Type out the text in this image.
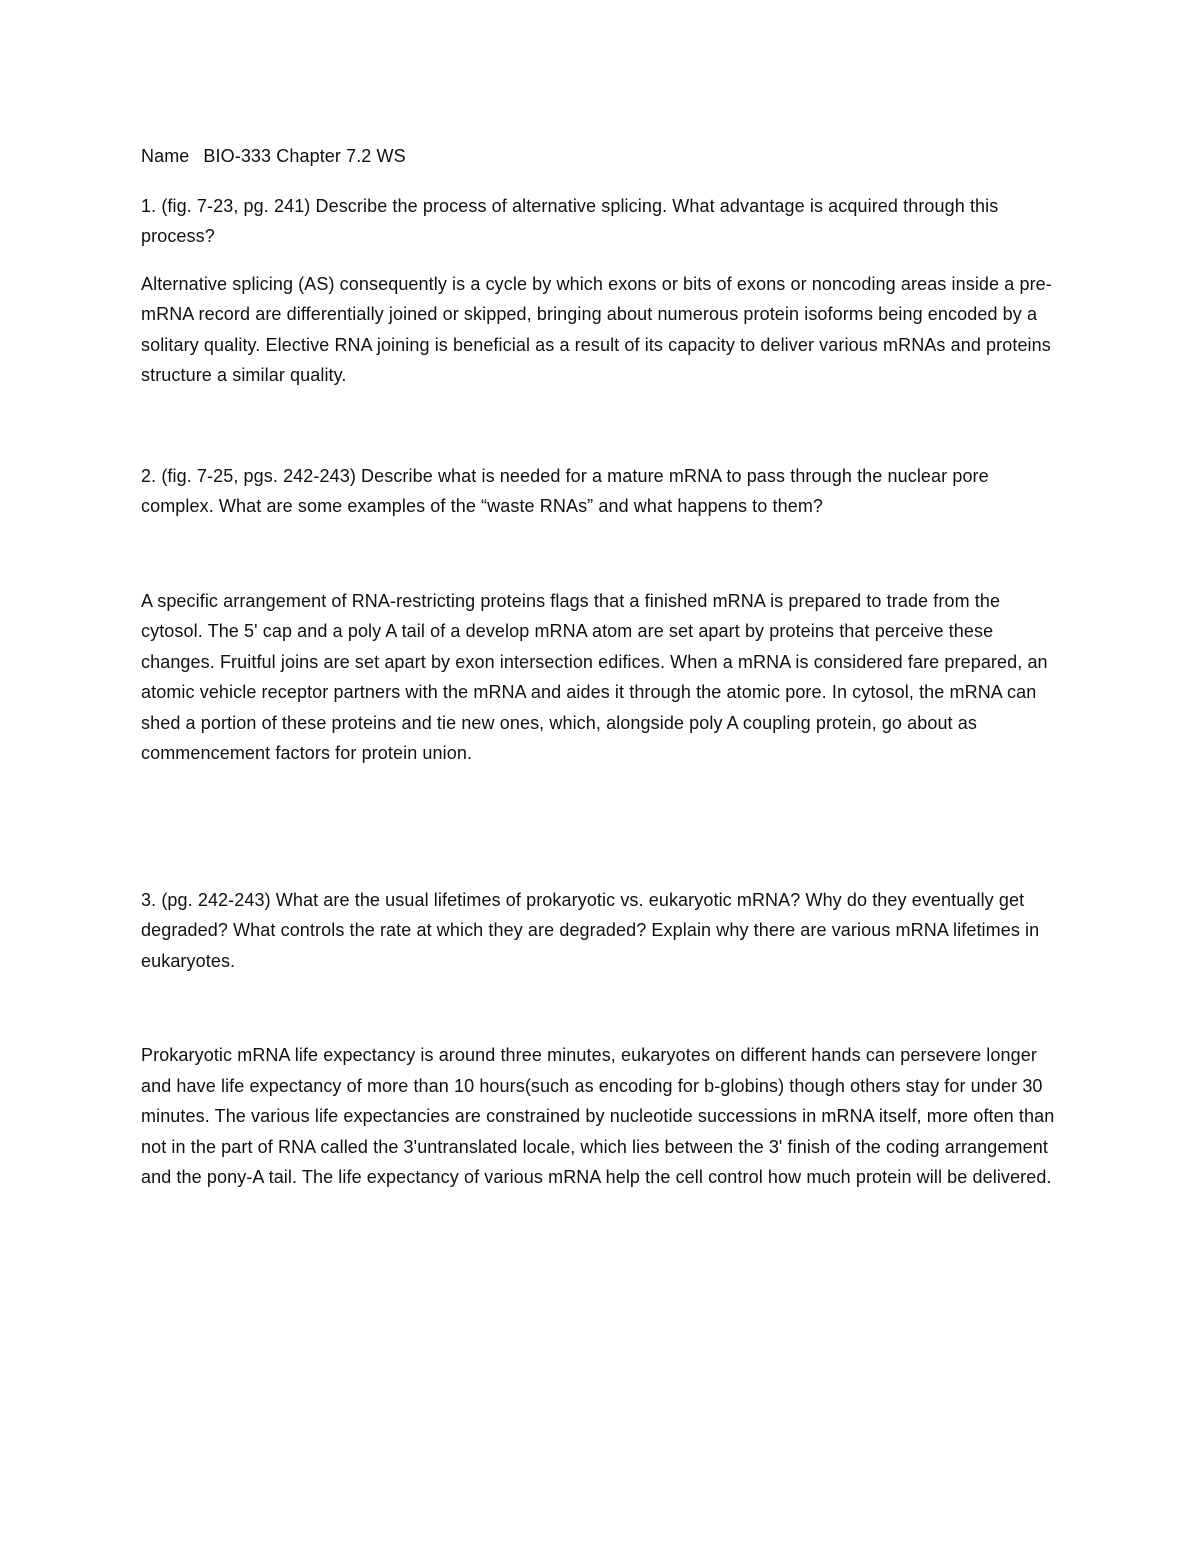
Name BIO-333 Chapter 7.2 WS

1. (fig. 7-23, pg. 241) Describe the process of alternative splicing. What advantage is acquired through this process?

Alternative splicing (AS) consequently is a cycle by which exons or bits of exons or noncoding areas inside a pre-mRNA record are differentially joined or skipped, bringing about numerous protein isoforms being encoded by a solitary quality. Elective RNA joining is beneficial as a result of its capacity to deliver various mRNAs and proteins structure a similar quality.

2. (fig. 7-25, pgs. 242-243) Describe what is needed for a mature mRNA to pass through the nuclear pore complex. What are some examples of the “waste RNAs” and what happens to them?

A specific arrangement of RNA-restricting proteins flags that a finished mRNA is prepared to trade from the cytosol. The 5' cap and a poly A tail of a develop mRNA atom are set apart by proteins that perceive these changes. Fruitful joins are set apart by exon intersection edifices. When a mRNA is considered fare prepared, an atomic vehicle receptor partners with the mRNA and aides it through the atomic pore. In cytosol, the mRNA can shed a portion of these proteins and tie new ones, which, alongside poly A coupling protein, go about as commencement factors for protein union.

3. (pg. 242-243) What are the usual lifetimes of prokaryotic vs. eukaryotic mRNA? Why do they eventually get degraded? What controls the rate at which they are degraded? Explain why there are various mRNA lifetimes in eukaryotes.

Prokaryotic mRNA life expectancy is around three minutes, eukaryotes on different hands can persevere longer and have life expectancy of more than 10 hours(such as encoding for b-globins) though others stay for under 30 minutes. The various life expectancies are constrained by nucleotide successions in mRNA itself, more often than not in the part of RNA called the 3'untranslated locale, which lies between the 3' finish of the coding arrangement and the pony-A tail. The life expectancy of various mRNA help the cell control how much protein will be delivered.
